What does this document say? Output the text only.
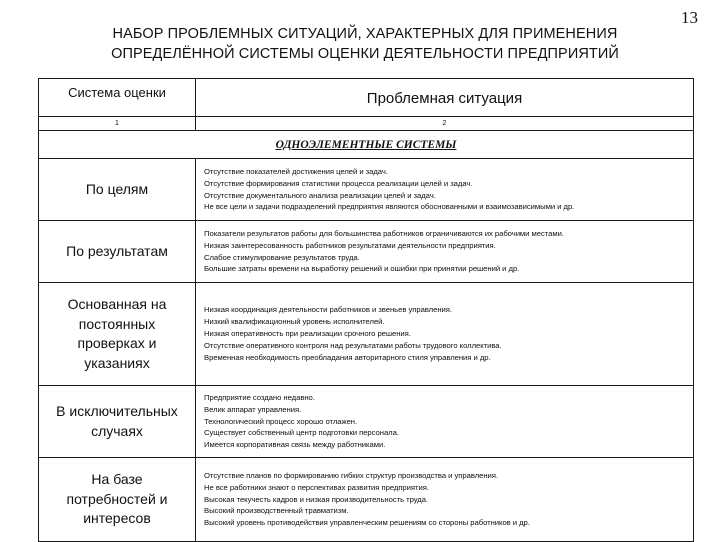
13
НАБОР ПРОБЛЕМНЫХ СИТУАЦИЙ, ХАРАКТЕРНЫХ ДЛЯ ПРИМЕНЕНИЯ
ОПРЕДЕЛЁННОЙ СИСТЕМЫ ОЦЕНКИ ДЕЯТЕЛЬНОСТИ ПРЕДПРИЯТИЙ
Система оценки	Проблемная ситуация
1	2
ОДНОЭЛЕМЕНТНЫЕ СИСТЕМЫ	
По целям	Отсутствие показателей достижения целей и задач.
Отсутствие формирования статистики процесса реализации целей и задач.
Отсутствие документального анализа реализации целей и задач.
Не все цели и задачи подразделений предприятия являются обоснованными и взаимозависимыми и др.

По результатам	Показатели результатов работы для большинства работников ограничиваются их рабочими местами.
Низкая заинтересованность работников результатами деятельности предприятия.
Слабое стимулирование результатов труда.
Большие затраты времени на выработку решений и ошибки при принятии решений и др.

Основанная на постоянных проверках и указаниях	Низкая координация деятельности работников и звеньев управления.
Низкий квалификационный уровень исполнителей.
Низкая оперативность при реализации срочного решения.
Отсутствие оперативного контроля над результатами работы трудового коллектива.
Временная необходимость преобладания авторитарного стиля управления и др.

В исключительных случаях	Предприятие создано недавно.
Велик аппарат управления.
Технологический процесс хорошо отлажен.
Существует собственный центр подготовки персонала.
Имеется корпоративная связь между работниками.

На базе потребностей и интересов	Отсутствие планов по формированию гибких структур производства и управления.
Не все работники знают о перспективах развития предприятия.
Высокая текучесть кадров и низкая производительность труда.
Высокий производственный травматизм.
Высокий уровень противодействия управленческим решениям со стороны работников и др.
